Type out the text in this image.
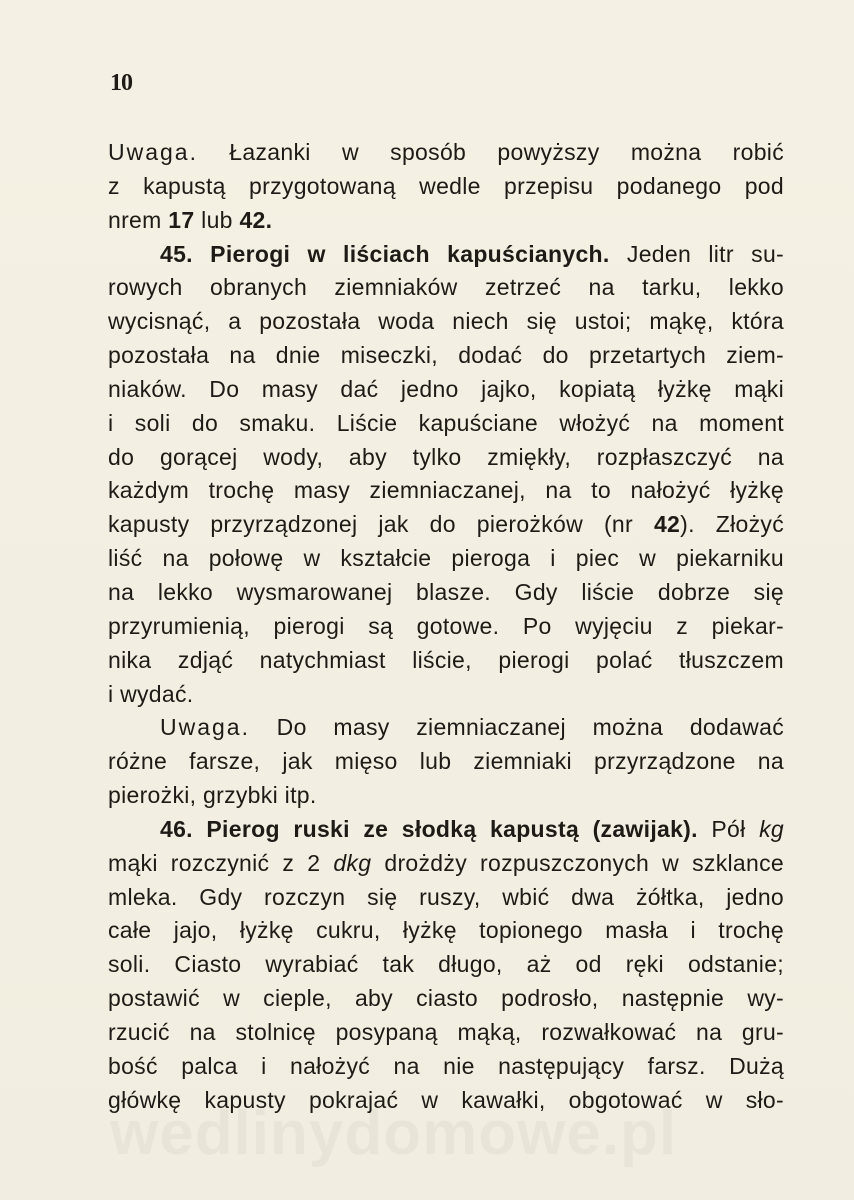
10
Uwaga. Łazanki w sposób powyższy można robić
z kapustą przygotowaną wedle przepisu podanego pod
nrem 17 lub 42.
45. Pierogi w liściach kapuścianych. Jeden litr su-
rowych obranych ziemniaków zetrzeć na tarku, lekko
wycisnąć, a pozostała woda niech się ustoi; mąkę, która
pozostała na dnie miseczki, dodać do przetartych ziem-
niaków. Do masy dać jedno jajko, kopiatą łyżkę mąki
i soli do smaku. Liście kapuściane włożyć na moment
do gorącej wody, aby tylko zmiękły, rozpłaszczyć na
każdym trochę masy ziemniaczanej, na to nałożyć łyżkę
kapusty przyrządzonej jak do pierożków (nr 42). Złożyć
liść na połowę w kształcie pieroga i piec w piekarniku
na lekko wysmarowanej blasze. Gdy liście dobrze się
przyrumienią, pierogi są gotowe. Po wyjęciu z piekar-
nika zdjąć natychmiast liście, pierogi polać tłuszczem
i wydać.
Uwaga. Do masy ziemniaczanej można dodawać
różne farsze, jak mięso lub ziemniaki przyrządzone na
pierożki, grzybki itp.
46. Pierog ruski ze słodką kapustą (zawijak). Pół kg
mąki rozczynić z 2 dkg drożdży rozpuszczonych w szklance
mleka. Gdy rozczyn się ruszy, wbić dwa żółtka, jedno
całe jajo, łyżkę cukru, łyżkę topionego masła i trochę
soli. Ciasto wyrabiać tak długo, aż od ręki odstanie;
postawić w cieple, aby ciasto podrosło, następnie wy-
rzucić na stolnicę posypaną mąką, rozwałkować na gru-
bość palca i nałożyć na nie następujący farsz. Dużą
główkę kapusty pokrajać w kawałki, obgotować w sło-
